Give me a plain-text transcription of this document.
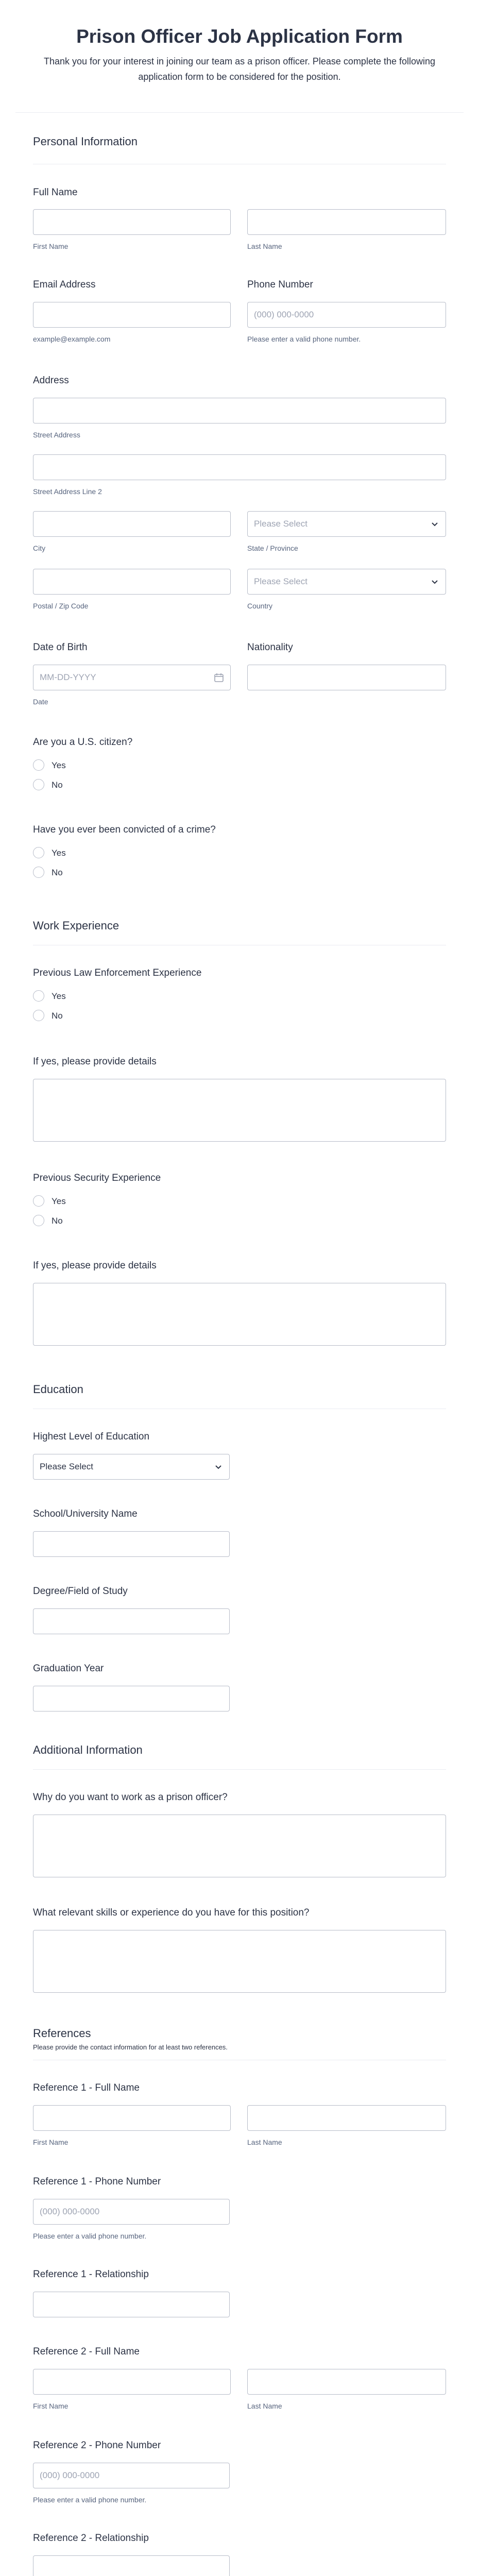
Prison Officer Job Application Form
Thank you for your interest in joining our team as a prison officer. Please complete the following application form to be considered for the position.
Personal Information
Full Name
First Name	Last Name
Email Address
example@example.com
Phone Number
(000) 000-0000
Please enter a valid phone number.
Address
Street Address
Street Address Line 2
Please Select
City	State / Province
Please Select
Postal / Zip Code	Country
Date of Birth
MM-DD-YYYY
Date
Nationality
Are you a U.S. citizen?
Yes
No
Have you ever been convicted of a crime?
Yes
No
Work Experience
Previous Law Enforcement Experience
Yes
No
If yes, please provide details
Previous Security Experience
Yes
No
If yes, please provide details
Education
Highest Level of Education
Please Select
School/University Name
Degree/Field of Study
Graduation Year
Additional Information
Why do you want to work as a prison officer?
What relevant skills or experience do you have for this position?
References
Please provide the contact information for at least two references.
Reference 1 - Full Name
First Name	Last Name
Reference 1 - Phone Number
(000) 000-0000
Please enter a valid phone number.
Reference 1 - Relationship
Reference 2 - Full Name
First Name	Last Name
Reference 2 - Phone Number
(000) 000-0000
Please enter a valid phone number.
Reference 2 - Relationship
